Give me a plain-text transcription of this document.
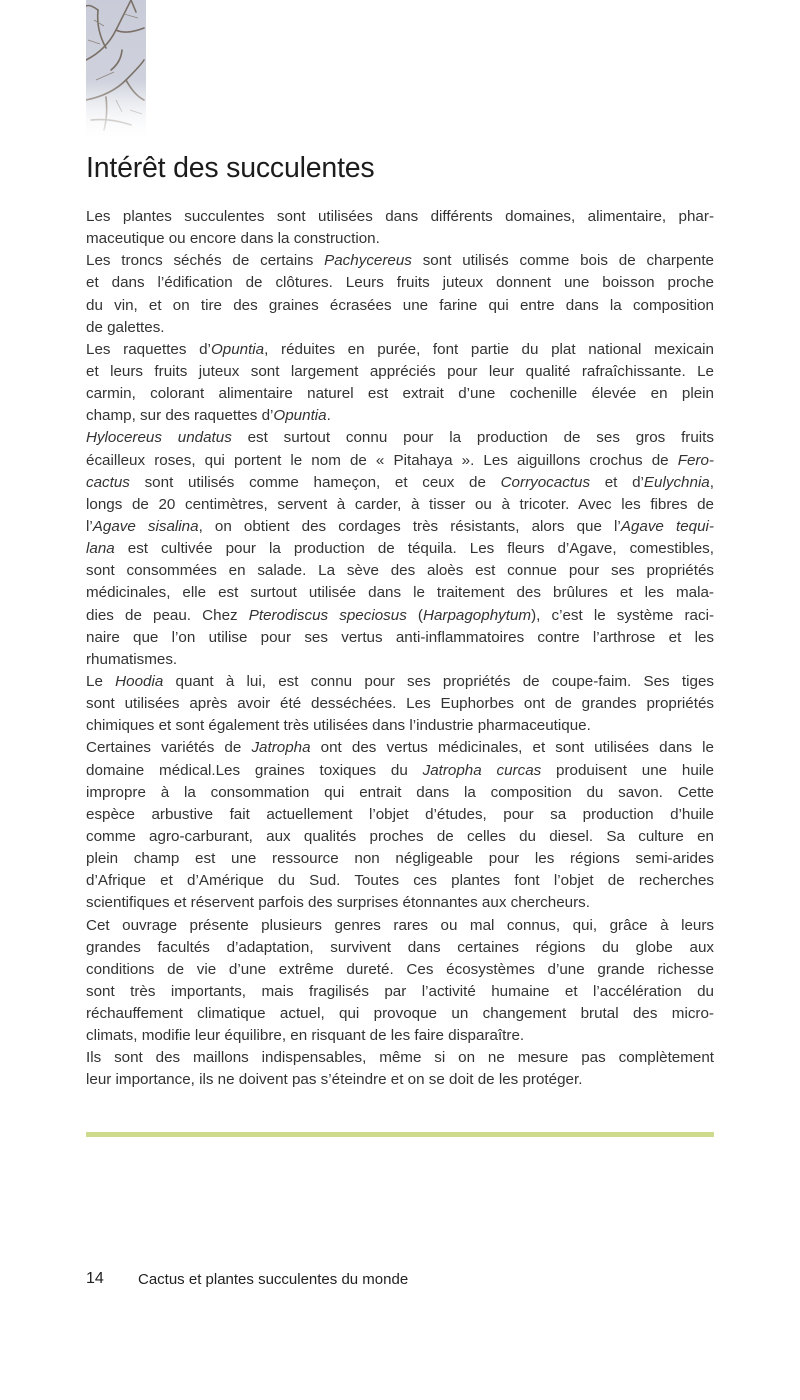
Intérêt des succulentes
Les plantes succulentes sont utilisées dans différents domaines, alimentaire, phar-
maceutique ou encore dans la construction.
Les troncs séchés de certains Pachycereus sont utilisés comme bois de charpente
et dans l’édification de clôtures. Leurs fruits juteux donnent une boisson proche
du vin, et on tire des graines écrasées une farine qui entre dans la composition
de galettes.
Les raquettes d’Opuntia, réduites en purée, font partie du plat national mexicain
et leurs fruits juteux sont largement appréciés pour leur qualité rafraîchissante. Le
carmin, colorant alimentaire naturel est extrait d’une cochenille élevée en plein
champ, sur des raquettes d’Opuntia.
Hylocereus undatus est surtout connu pour la production de ses gros fruits
écailleux roses, qui portent le nom de « Pitahaya ». Les aiguillons crochus de Fero-
cactus sont utilisés comme hameçon, et ceux de Corryocactus et d’Eulychnia,
longs de 20 centimètres, servent à carder, à tisser ou à tricoter. Avec les fibres de
l’Agave sisalina, on obtient des cordages très résistants, alors que l’Agave tequi-
lana est cultivée pour la production de téquila. Les fleurs d’Agave, comestibles,
sont consommées en salade. La sève des aloès est connue pour ses propriétés
médicinales, elle est surtout utilisée dans le traitement des brûlures et les mala-
dies de peau. Chez Pterodiscus speciosus (Harpagophytum), c’est le système raci-
naire que l’on utilise pour ses vertus anti-inflammatoires contre l’arthrose et les
rhumatismes.
Le Hoodia quant à lui, est connu pour ses propriétés de coupe-faim. Ses tiges
sont utilisées après avoir été desséchées. Les Euphorbes ont de grandes propriétés
chimiques et sont également très utilisées dans l’industrie pharmaceutique.
Certaines variétés de Jatropha ont des vertus médicinales, et sont utilisées dans le
domaine médical.Les graines toxiques du Jatropha curcas produisent une huile
impropre à la consommation qui entrait dans la composition du savon. Cette
espèce arbustive fait actuellement l’objet d’études, pour sa production d’huile
comme agro-carburant, aux qualités proches de celles du diesel. Sa culture en
plein champ est une ressource non négligeable pour les régions semi-arides
d’Afrique et d’Amérique du Sud. Toutes ces plantes font l’objet de recherches
scientifiques et réservent parfois des surprises étonnantes aux chercheurs.
Cet ouvrage présente plusieurs genres rares ou mal connus, qui, grâce à leurs
grandes facultés d’adaptation, survivent dans certaines régions du globe aux
conditions de vie d’une extrême dureté. Ces écosystèmes d’une grande richesse
sont très importants, mais fragilisés par l’activité humaine et l’accélération du
réchauffement climatique actuel, qui provoque un changement brutal des micro-
climats, modifie leur équilibre, en risquant de les faire disparaître.
Ils sont des maillons indispensables, même si on ne mesure pas complètement
leur importance, ils ne doivent pas s’éteindre et on se doit de les protéger.
14 Cactus et plantes succulentes du monde
